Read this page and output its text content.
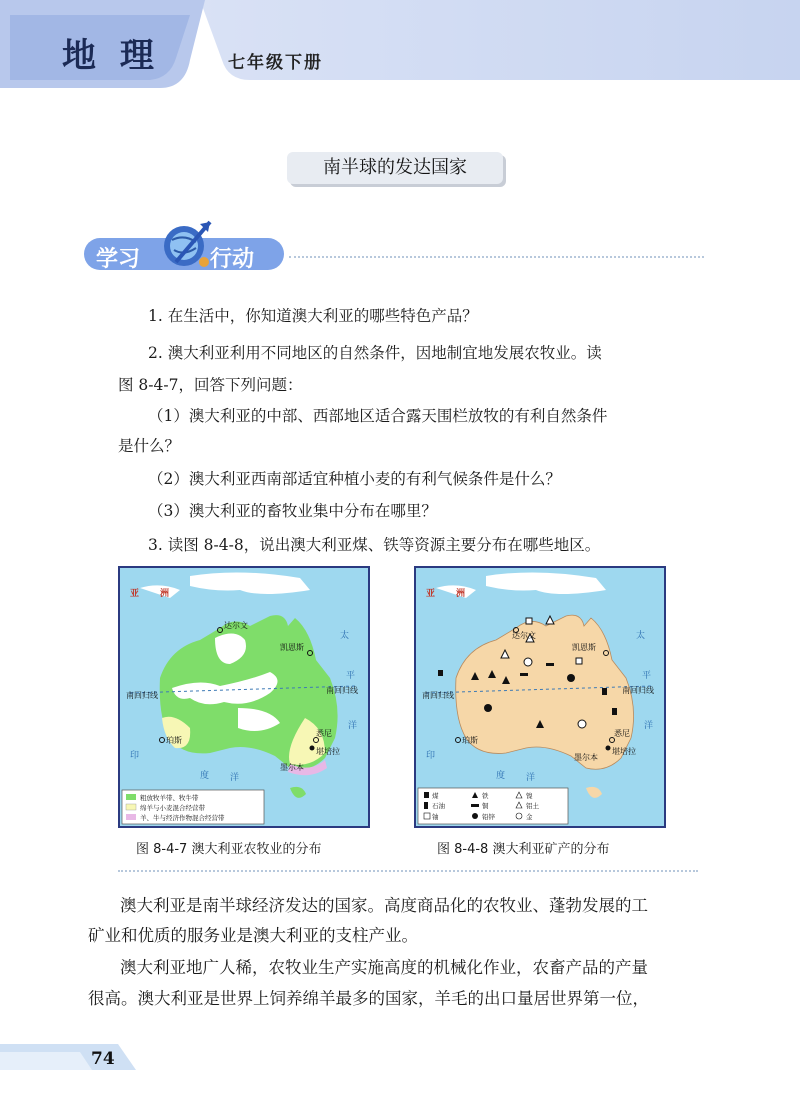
地 理	七年级下册
南半球的发达国家
学习	行动
1. 在生活中，你知道澳大利亚的哪些特色产品？
2. 澳大利亚利用不同地区的自然条件，因地制宜地发展农牧业。读
图 8-4-7，回答下列问题：
（1）澳大利亚的中部、西部地区适合露天围栏放牧的有利自然条件
是什么？
（2）澳大利亚西南部适宜种植小麦的有利气候条件是什么？
（3）澳大利亚的畜牧业集中分布在哪里？
3. 读图 8-4-8，说出澳大利亚煤、铁等资源主要分布在哪些地区。
亚 洲
达尔文
凯恩斯
南回归线
南回归线
太
平
洋
珀斯
悉尼
堪培拉
墨尔本
印
度 洋
粗放牧羊带、牧牛带
绵羊与小麦混合经营带
羊、牛与经济作物混合经营带
亚 洲
达尔文
凯恩斯
南回归线
南回归线
太
平
洋
珀斯
悉尼
堪培拉
墨尔本
印
度 洋
煤	铁	镍
石油	铜	铝土
铀	铅锌	金
图 8-4-7 澳大利亚农牧业的分布	图 8-4-8 澳大利亚矿产的分布
澳大利亚是南半球经济发达的国家。高度商品化的农牧业、蓬勃发展的工
矿业和优质的服务业是澳大利亚的支柱产业。
澳大利亚地广人稀，农牧业生产实施高度的机械化作业，农畜产品的产量
很高。澳大利亚是世界上饲养绵羊最多的国家，羊毛的出口量居世界第一位，
74
